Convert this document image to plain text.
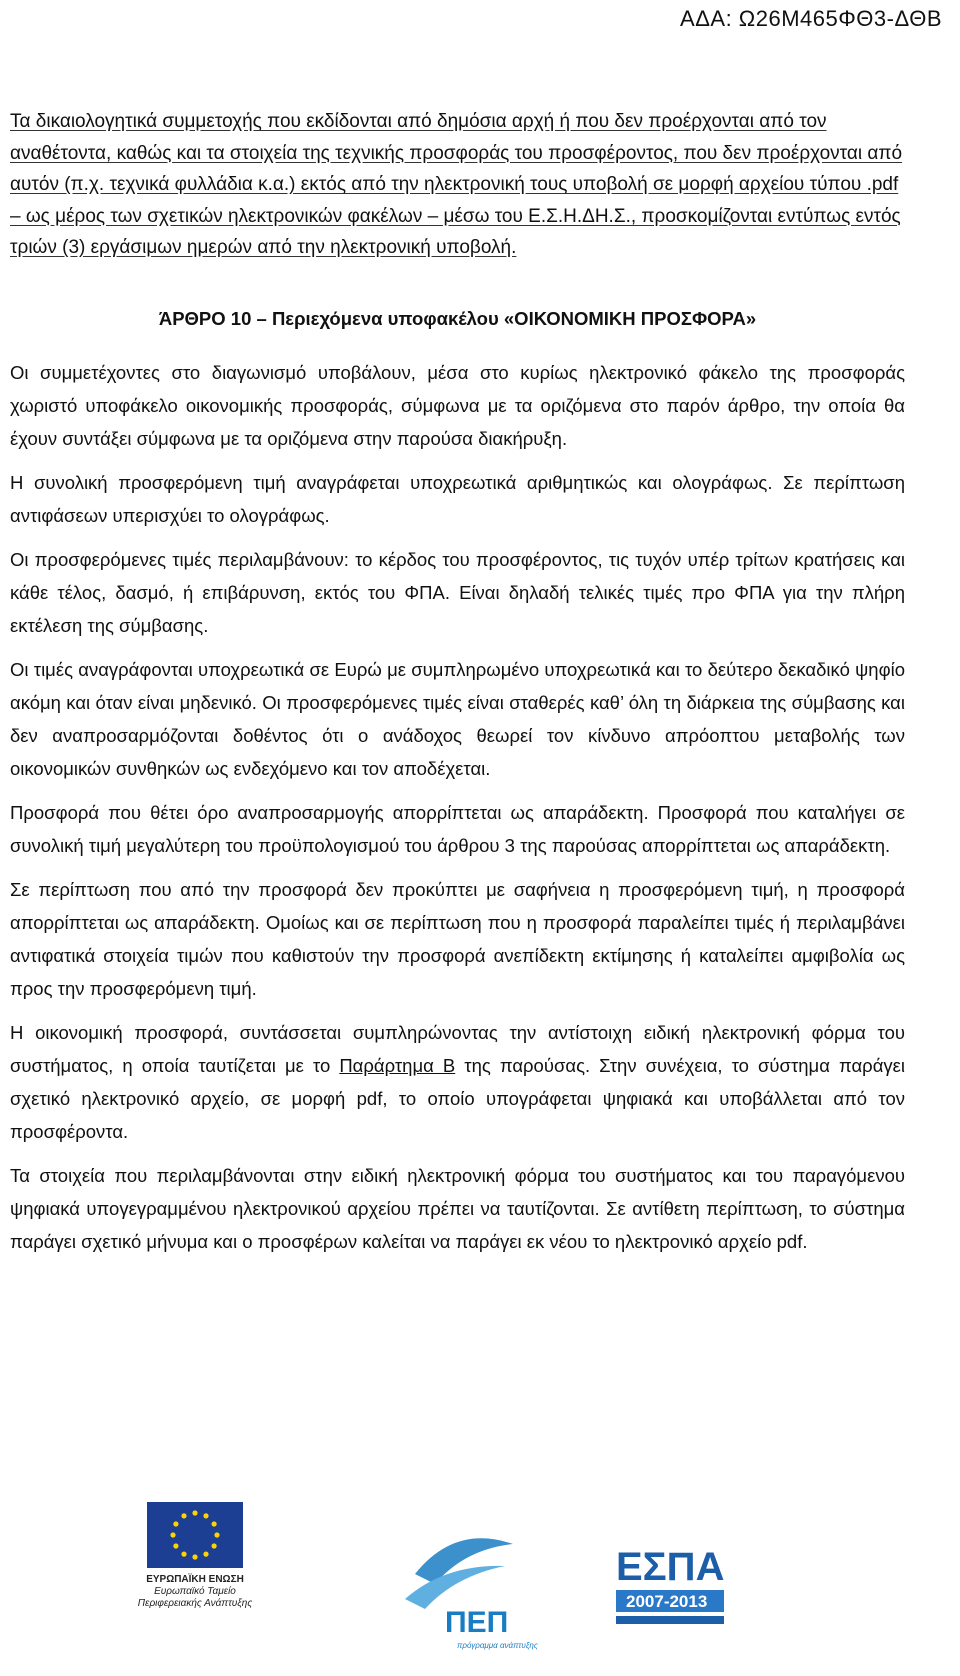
ΑΔΑ: Ω26Μ465ΦΘ3-ΔΘΒ

Τα δικαιολογητικά συμμετοχής που εκδίδονται από δημόσια αρχή ή που δεν προέρχονται από τον αναθέτοντα, καθώς και τα στοιχεία της τεχνικής προσφοράς του προσφέροντος, που δεν προέρχονται από αυτόν (π.χ. τεχνικά φυλλάδια κ.α.) εκτός από την ηλεκτρονική τους υποβολή σε μορφή αρχείου τύπου .pdf – ως μέρος των σχετικών ηλεκτρονικών φακέλων – μέσω του Ε.Σ.Η.ΔΗ.Σ., προσκομίζονται εντύπως εντός τριών (3) εργάσιμων ημερών από την ηλεκτρονική υποβολή.

ΆΡΘΡΟ 10 – Περιεχόμενα υποφακέλου «ΟΙΚΟΝΟΜΙΚΗ ΠΡΟΣΦΟΡΑ»

Οι συμμετέχοντες στο διαγωνισμό υποβάλουν, μέσα στο κυρίως ηλεκτρονικό φάκελο της προσφοράς χωριστό υποφάκελο οικονομικής προσφοράς, σύμφωνα με τα οριζόμενα στο παρόν άρθρο, την οποία θα έχουν συντάξει σύμφωνα με τα οριζόμενα στην παρούσα διακήρυξη.

Η συνολική προσφερόμενη τιμή αναγράφεται υποχρεωτικά αριθμητικώς και ολογράφως. Σε περίπτωση αντιφάσεων υπερισχύει το ολογράφως.

Οι προσφερόμενες τιμές περιλαμβάνουν: το κέρδος του προσφέροντος, τις τυχόν υπέρ τρίτων κρατήσεις και κάθε τέλος, δασμό, ή επιβάρυνση, εκτός του ΦΠΑ. Είναι δηλαδή τελικές τιμές προ ΦΠΑ για την πλήρη εκτέλεση της σύμβασης.

Οι τιμές αναγράφονται υποχρεωτικά σε Ευρώ με συμπληρωμένο υποχρεωτικά και το δεύτερο δεκαδικό ψηφίο ακόμη και όταν είναι μηδενικό. Οι προσφερόμενες τιμές είναι σταθερές καθ’ όλη τη διάρκεια της σύμβασης και δεν αναπροσαρμόζονται δοθέντος ότι ο ανάδοχος θεωρεί τον κίνδυνο απρόοπτου μεταβολής των οικονομικών συνθηκών ως ενδεχόμενο και τον αποδέχεται.

Προσφορά που θέτει όρο αναπροσαρμογής απορρίπτεται ως απαράδεκτη. Προσφορά που καταλήγει σε συνολική τιμή μεγαλύτερη του προϋπολογισμού του άρθρου 3 της παρούσας απορρίπτεται ως απαράδεκτη.

Σε περίπτωση που από την προσφορά δεν προκύπτει με σαφήνεια η προσφερόμενη τιμή, η προσφορά απορρίπτεται ως απαράδεκτη. Ομοίως και σε περίπτωση που η προσφορά παραλείπει τιμές ή περιλαμβάνει αντιφατικά στοιχεία τιμών που καθιστούν την προσφορά ανεπίδεκτη εκτίμησης ή καταλείπει αμφιβολία ως προς την προσφερόμενη τιμή.

Η οικονομική προσφορά, συντάσσεται συμπληρώνοντας την αντίστοιχη ειδική ηλεκτρονική φόρμα του συστήματος, η οποία ταυτίζεται με το Παράρτημα Β της παρούσας. Στην συνέχεια, το σύστημα παράγει σχετικό ηλεκτρονικό αρχείο, σε μορφή pdf, το οποίο υπογράφεται ψηφιακά και υποβάλλεται από τον προσφέροντα.

Τα στοιχεία που περιλαμβάνονται στην ειδική ηλεκτρονική φόρμα του συστήματος και του παραγόμενου ψηφιακά υπογεγραμμένου ηλεκτρονικού αρχείου πρέπει να ταυτίζονται. Σε αντίθετη περίπτωση, το σύστημα παράγει σχετικό μήνυμα και ο προσφέρων καλείται να παράγει εκ νέου το ηλεκτρονικό αρχείο pdf.

ΕΥΡΩΠΑΪΚΗ ΕΝΩΣΗ
Ευρωπαϊκό Ταμείο
Περιφερειακής Ανάπτυξης
ΠΕΠ
πρόγραμμα ανάπτυξης
ΕΣΠΑ
2007-2013
